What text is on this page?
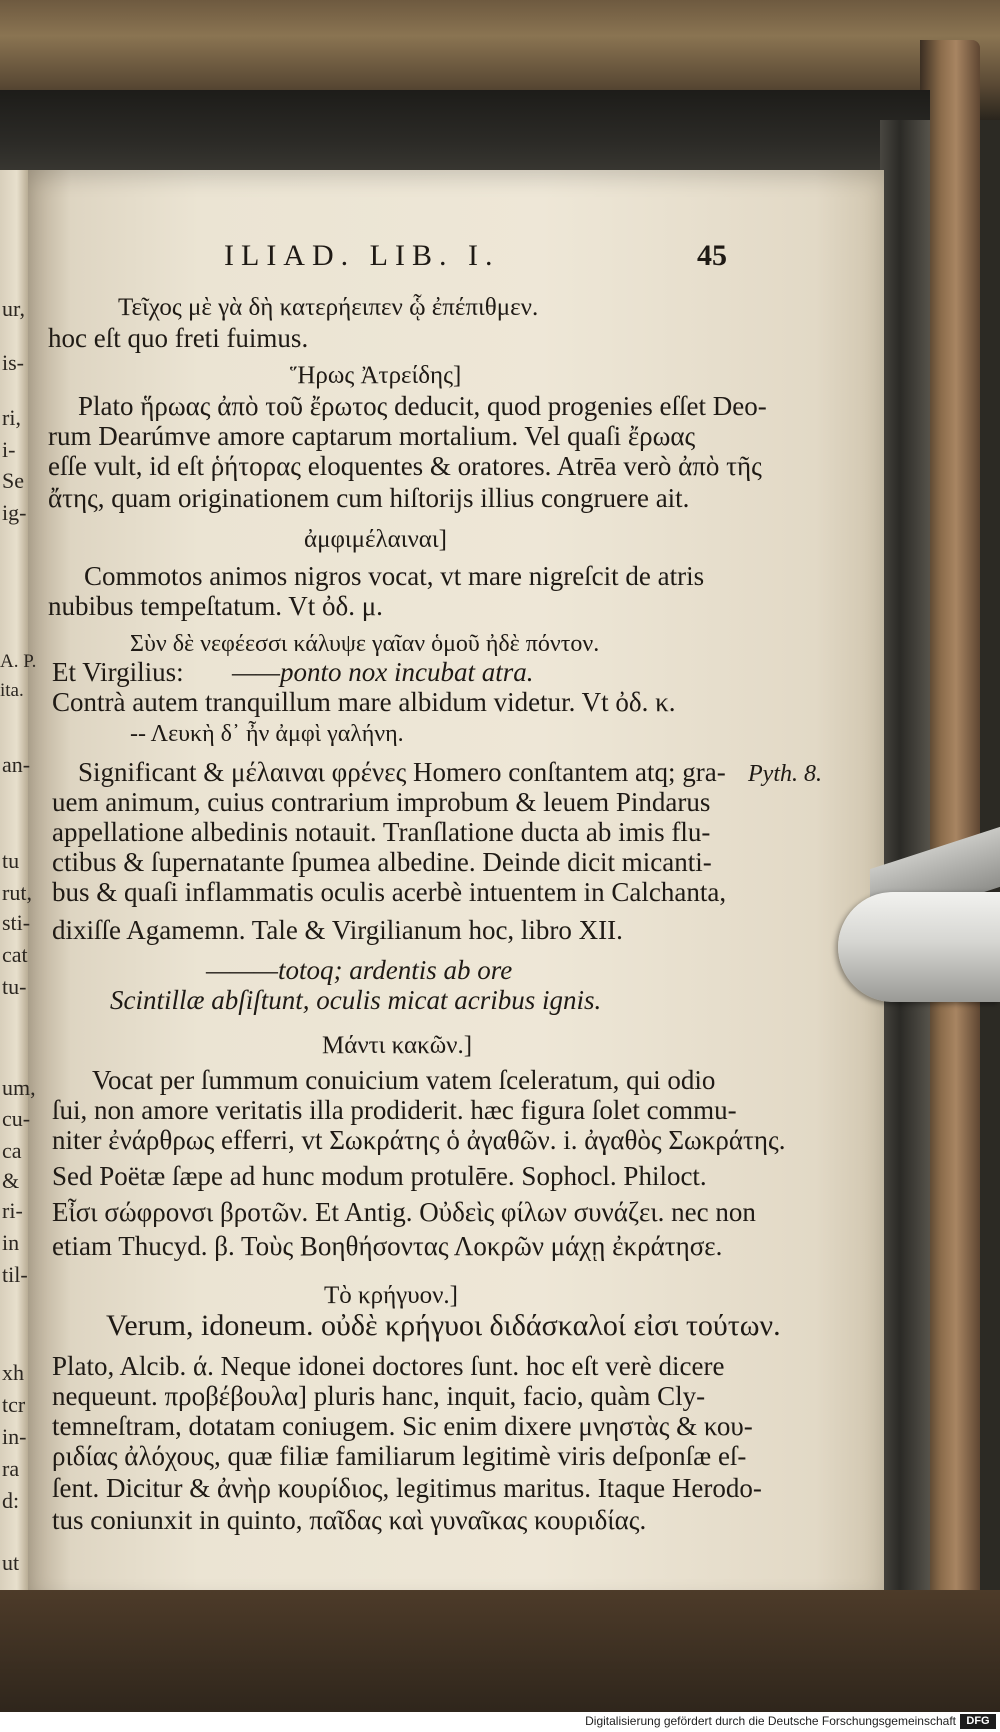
ur,
is-
ri,
i-
Se
ig-
A. P.
ita.
an-
tu
rut,
sti-
cat
tu-
um,
cu-
ca
&
ri-
in
til-
xh
tcr
in-
ra
d:
ut
ILIAD. LIB. I.	45
Τεῖχος μὲ γὰ δὴ κατερήειπεν ᾧ ἐπέπιθμεν.
hoc eſt quo freti fuimus.
Ἥρως Ἀτρείδης]
Plato ἥρωας ἀπὸ τοῦ ἔρωτος deducit, quod progenies eſſet Deo-
rum Dearúmve amore captarum mortalium. Vel quaſi ἔρωας
eſſe vult, id eſt ῥήτορας eloquentes & oratores. Atrēa verò ἀπὸ τῆς
ἄτης, quam originationem cum hiſtorijs illius congruere ait.
ἀμφιμέλαιναι]
Commotos animos nigros vocat, vt mare nigreſcit de atris
nubibus tempeſtatum. Vt ὀδ. μ.
Σὺν δὲ νεφέεσσι κάλυψε γαῖαν ὁμοῦ ἠδὲ πόντον.
Et Virgilius: ——ponto nox incubat atra.
Contrà autem tranquillum mare albidum videtur. Vt ὀδ. κ.
-- Λευκὴ δ᾽ ἦν ἀμφὶ γαλήνη.
Significant & μέλαιναι φρένες Homero conſtantem atq; gra- Pyth. 8.
uem animum, cuius contrarium improbum & leuem Pindarus
appellatione albedinis notauit. Tranſlatione ducta ab imis flu-
ctibus & ſupernatante ſpumea albedine. Deinde dicit micanti-
bus & quaſi inflammatis oculis acerbè intuentem in Calchanta,
dixiſſe Agamemn. Tale & Virgilianum hoc, libro XII.
———totoq; ardentis ab ore
Scintillæ abſiſtunt, oculis micat acribus ignis.
Μάντι κακῶν.]
Vocat per ſummum conuicium vatem ſceleratum, qui odio
ſui, non amore veritatis illa prodiderit. hæc figura ſolet commu-
niter ἐνάρθρως efferri, vt Σωκράτης ὁ ἀγαθῶν. i. ἀγαθὸς Σωκράτης.
Sed Poëtæ ſæpe ad hunc modum protulēre. Sophocl. Philoct.
Εἶσι σώφρονσι βροτῶν. Et Antig. Οὐδεὶς φίλων συνάζει. nec non
etiam Thucyd. β. Τοὺς Βοηθήσοντας Λοκρῶν μάχῃ ἐκράτησε.
Τὸ κρήγυον.]
Verum, idoneum. οὐδὲ κρήγυοι διδάσκαλοί εἰσι τούτων.
Plato, Alcib. ά. Neque idonei doctores ſunt. hoc eſt verè dicere
nequeunt. προβέβουλα] pluris hanc, inquit, facio, quàm Cly-
temneſtram, dotatam coniugem. Sic enim dixere μνηστὰς & κου-
ριδίας ἀλόχους, quæ filiæ familiarum legitimè viris deſponſæ eſ-
ſent. Dicitur & ἀνὴρ κουρίδιος, legitimus maritus. Itaque Herodo-
tus coniunxit in quinto, παῖδας καὶ γυναῖκας κουριδίας.
Digitalisierung gefördert durch die Deutsche Forschungsgemeinschaft DFG
